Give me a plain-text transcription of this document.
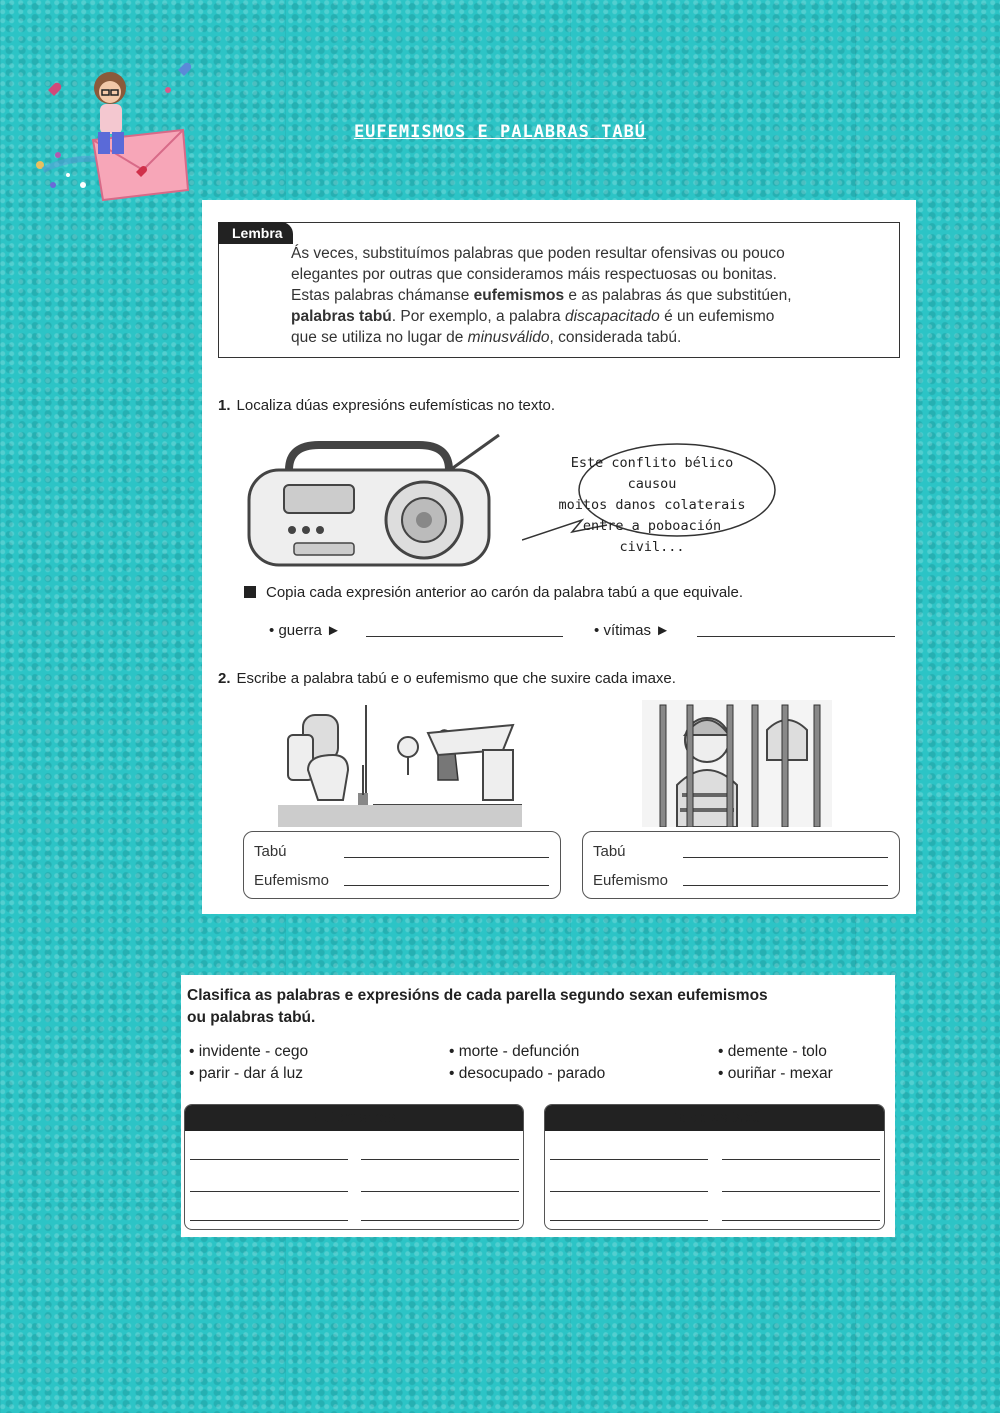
EUFEMISMOS E PALABRAS TABÚ
Lembra
Ás veces, substituímos palabras que poden resultar ofensivas ou pouco
elegantes por outras que consideramos máis respectuosas ou bonitas.
Estas palabras chámanse eufemismos e as palabras ás que substitúen,
palabras tabú. Por exemplo, a palabra discapacitado é un eufemismo
que se utiliza no lugar de minusválido, considerada tabú.
1. Localiza dúas expresións eufemísticas no texto.
Este conflito bélico causou
moitos danos colaterais
entre a poboación civil...
Copia cada expresión anterior ao carón da palabra tabú a que equivale.
• guerra ►	• vítimas ►
2. Escribe a palabra tabú e o eufemismo que che suxire cada imaxe.
Tabú
Eufemismo
Tabú
Eufemismo
Clasifica as palabras e expresións de cada parella segundo sexan eufemismos
ou palabras tabú.
• invidente - cego	• morte - defunción	• demente - tolo
• parir - dar á luz	• desocupado - parado	• ouriñar - mexar
Eufemismos	Palabras tabú
